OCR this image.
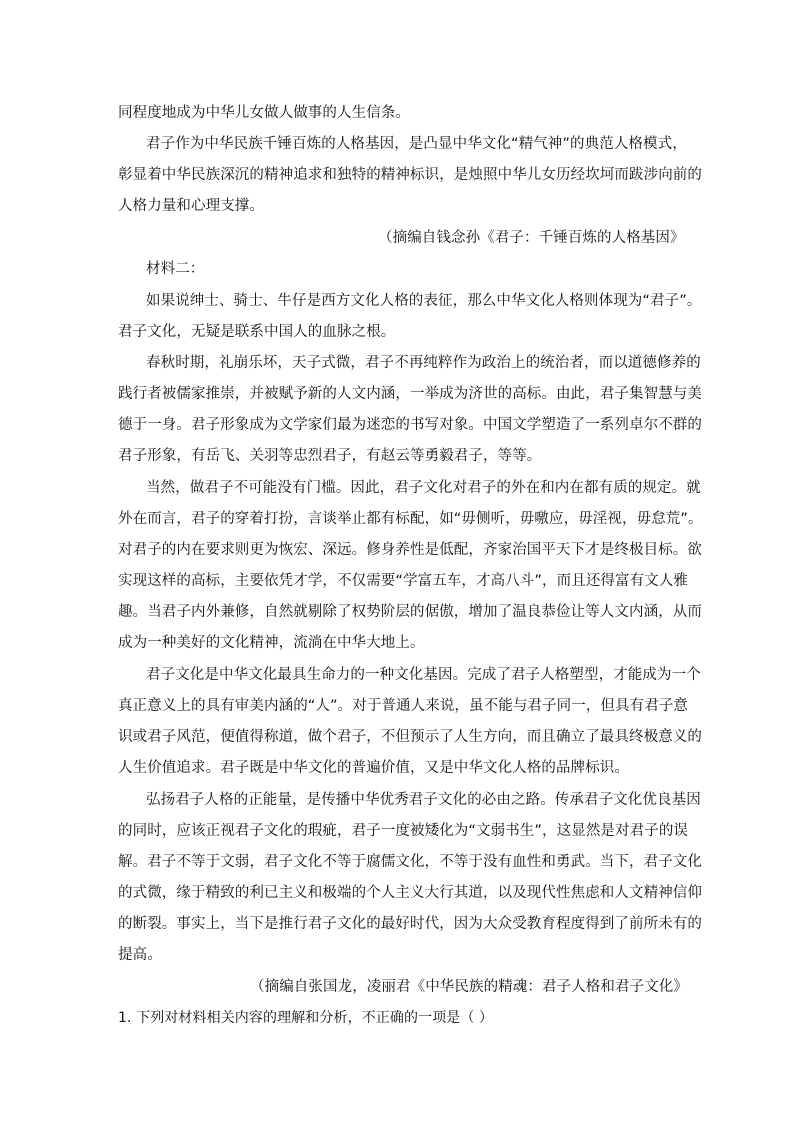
同程度地成为中华儿女做人做事的人生信条。
君子作为中华民族千锤百炼的人格基因，是凸显中华文化“精气神”的典范人格模式，
彰显着中华民族深沉的精神追求和独特的精神标识，是烛照中华儿女历经坎坷而跋涉向前的
人格力量和心理支撑。
（摘编自钱念孙《君子：千锤百炼的人格基因》
材料二：
如果说绅士、骑士、牛仔是西方文化人格的表征，那么中华文化人格则体现为“君子”。
君子文化，无疑是联系中国人的血脉之根。
春秋时期，礼崩乐坏，天子式微，君子不再纯粹作为政治上的统治者，而以道德修养的
践行者被儒家推崇，并被赋予新的人文内涵，一举成为济世的高标。由此，君子集智慧与美
德于一身。君子形象成为文学家们最为迷恋的书写对象。中国文学塑造了一系列卓尔不群的
君子形象，有岳飞、关羽等忠烈君子，有赵云等勇毅君子，等等。
当然，做君子不可能没有门槛。因此，君子文化对君子的外在和内在都有质的规定。就
外在而言，君子的穿着打扮，言谈举止都有标配，如“毋侧听，毋噭应，毋淫视，毋怠荒”。
对君子的内在要求则更为恢宏、深远。修身养性是低配，齐家治国平天下才是终极目标。欲
实现这样的高标，主要依凭才学，不仅需要“学富五车，才高八斗”，而且还得富有文人雅
趣。当君子内外兼修，自然就剔除了权势阶层的倨傲，增加了温良恭俭让等人文内涵，从而
成为一种美好的文化精神，流淌在中华大地上。
君子文化是中华文化最具生命力的一种文化基因。完成了君子人格塑型，才能成为一个
真正意义上的具有审美内涵的“人”。对于普通人来说，虽不能与君子同一，但具有君子意
识或君子风范，便值得称道，做个君子，不但预示了人生方向，而且确立了最具终极意义的
人生价值追求。君子既是中华文化的普遍价值，又是中华文化人格的品牌标识。
弘扬君子人格的正能量，是传播中华优秀君子文化的必由之路。传承君子文化优良基因
的同时，应该正视君子文化的瑕疵，君子一度被矮化为“文弱书生”，这显然是对君子的误
解。君子不等于文弱，君子文化不等于腐儒文化，不等于没有血性和勇武。当下，君子文化
的式微，缘于精致的利已主义和极端的个人主义大行其道，以及现代性焦虑和人文精神信仰
的断裂。事实上，当下是推行君子文化的最好时代，因为大众受教育程度得到了前所未有的
提高。
（摘编自张国龙，凌丽君《中华民族的精魂：君子人格和君子文化》
1. 下列对材料相关内容的理解和分析，不正确的一项是（ ）
